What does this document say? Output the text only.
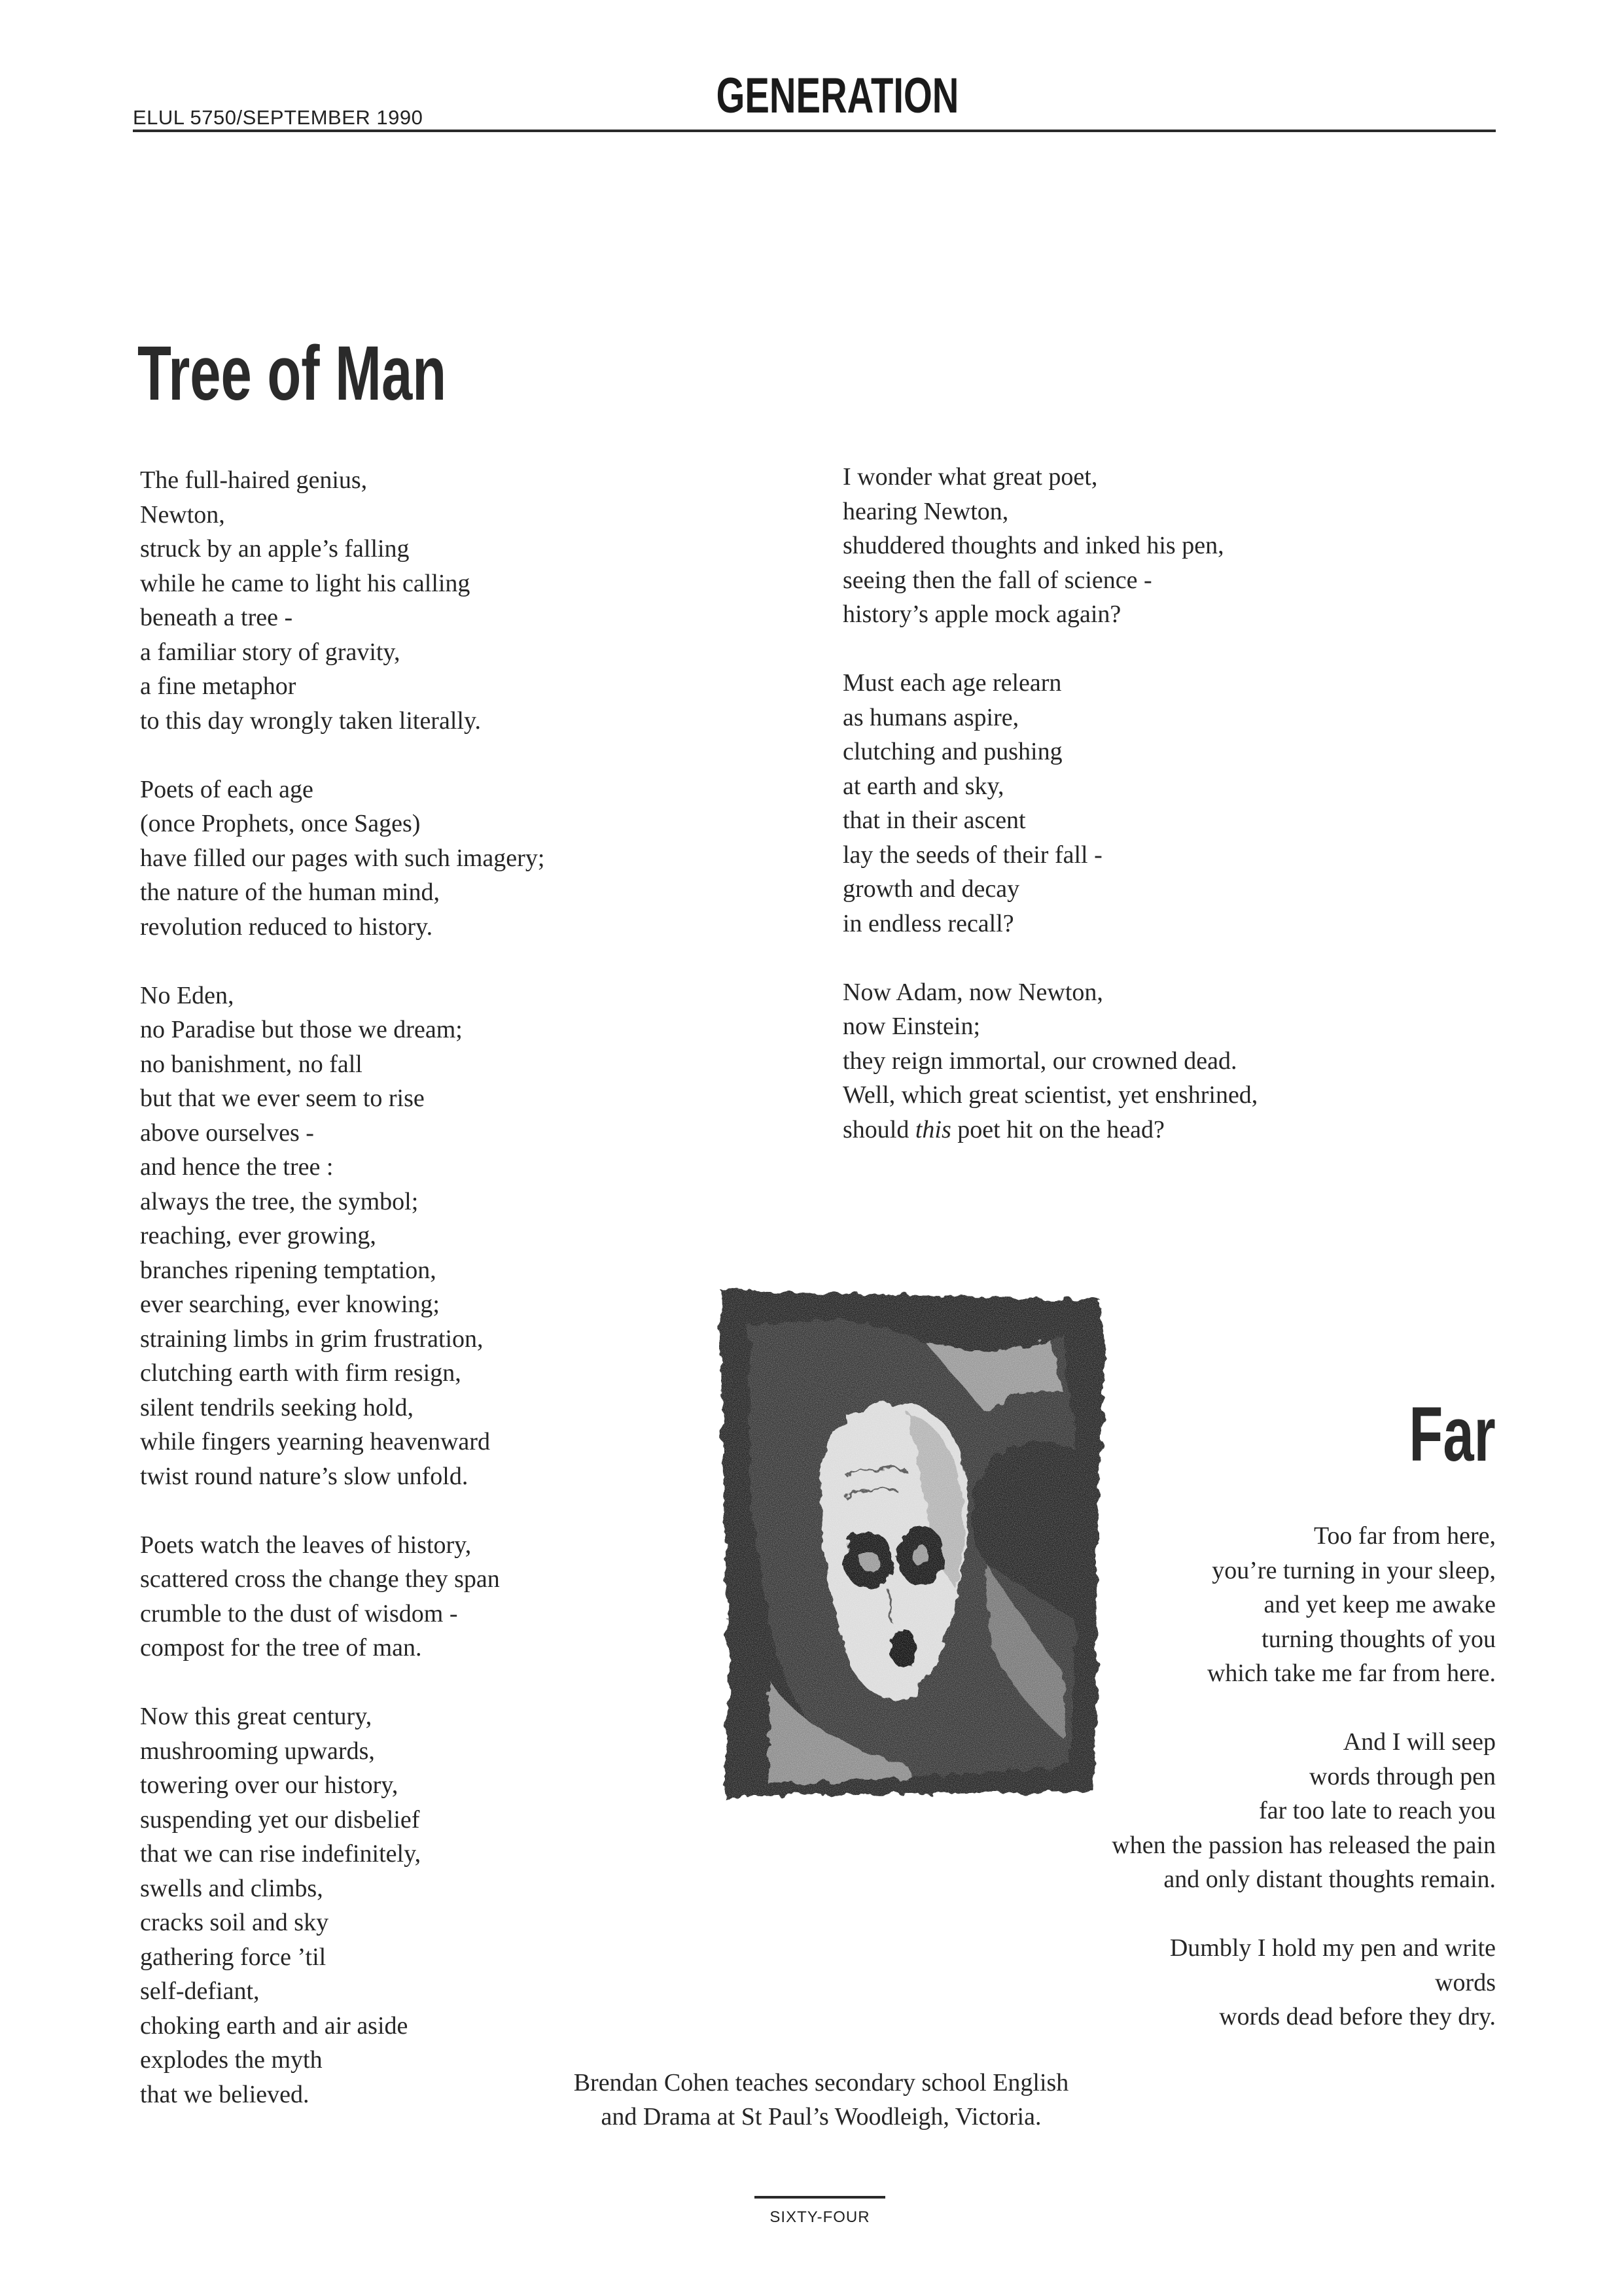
ELUL 5750/SEPTEMBER 1990	GENERATION
Tree of Man
The full-haired genius,
Newton,
struck by an apple’s falling
while he came to light his calling
beneath a tree -
a familiar story of gravity,
a fine metaphor
to this day wrongly taken literally.
Poets of each age
(once Prophets, once Sages)
have filled our pages with such imagery;
the nature of the human mind,
revolution reduced to history.
No Eden,
no Paradise but those we dream;
no banishment, no fall
but that we ever seem to rise
above ourselves -
and hence the tree :
always the tree, the symbol;
reaching, ever growing,
branches ripening temptation,
ever searching, ever knowing;
straining limbs in grim frustration,
clutching earth with firm resign,
silent tendrils seeking hold,
while fingers yearning heavenward
twist round nature’s slow unfold.
Poets watch the leaves of history,
scattered cross the change they span
crumble to the dust of wisdom -
compost for the tree of man.
Now this great century,
mushrooming upwards,
towering over our history,
suspending yet our disbelief
that we can rise indefinitely,
swells and climbs,
cracks soil and sky
gathering force ’til
self-defiant,
choking earth and air aside
explodes the myth
that we believed.
I wonder what great poet,
hearing Newton,
shuddered thoughts and inked his pen,
seeing then the fall of science -
history’s apple mock again?
Must each age relearn
as humans aspire,
clutching and pushing
at earth and sky,
that in their ascent
lay the seeds of their fall -
growth and decay
in endless recall?
Now Adam, now Newton,
now Einstein;
they reign immortal, our crowned dead.
Well, which great scientist, yet enshrined,
should this poet hit on the head?
Far
Too far from here,
you’re turning in your sleep,
and yet keep me awake
turning thoughts of you
which take me far from here.
And I will seep
words through pen
far too late to reach you
when the passion has released the pain
and only distant thoughts remain.
Dumbly I hold my pen and write
words
words dead before they dry.
Brendan Cohen teaches secondary school English
and Drama at St Paul’s Woodleigh, Victoria.
SIXTY-FOUR
